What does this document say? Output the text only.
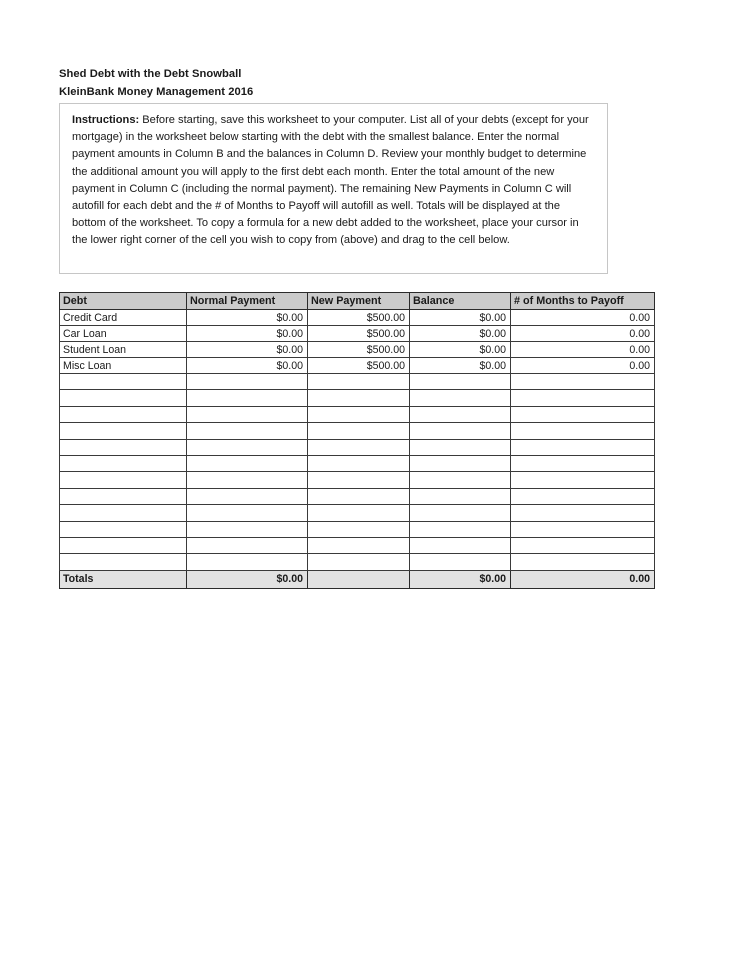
Shed Debt with the Debt Snowball
KleinBank Money Management 2016
Instructions: Before starting, save this worksheet to your computer. List all of your debts (except for your mortgage) in the worksheet below starting with the debt with the smallest balance. Enter the normal payment amounts in Column B and the balances in Column D. Review your monthly budget to determine the additional amount you will apply to the first debt each month. Enter the total amount of the new payment in Column C (including the normal payment). The remaining New Payments in Column C will autofill for each debt and the # of Months to Payoff will autofill as well. Totals will be displayed at the bottom of the worksheet. To copy a formula for a new debt added to the worksheet, place your cursor in the lower right corner of the cell you wish to copy from (above) and drag to the cell below.
Debt	Normal Payment	New Payment	Balance	# of Months to Payoff
Credit Card	$0.00	$500.00	$0.00	0.00
Car Loan	$0.00	$500.00	$0.00	0.00
Student Loan	$0.00	$500.00	$0.00	0.00
Misc Loan	$0.00	$500.00	$0.00	0.00

Totals	$0.00		$0.00	0.00
